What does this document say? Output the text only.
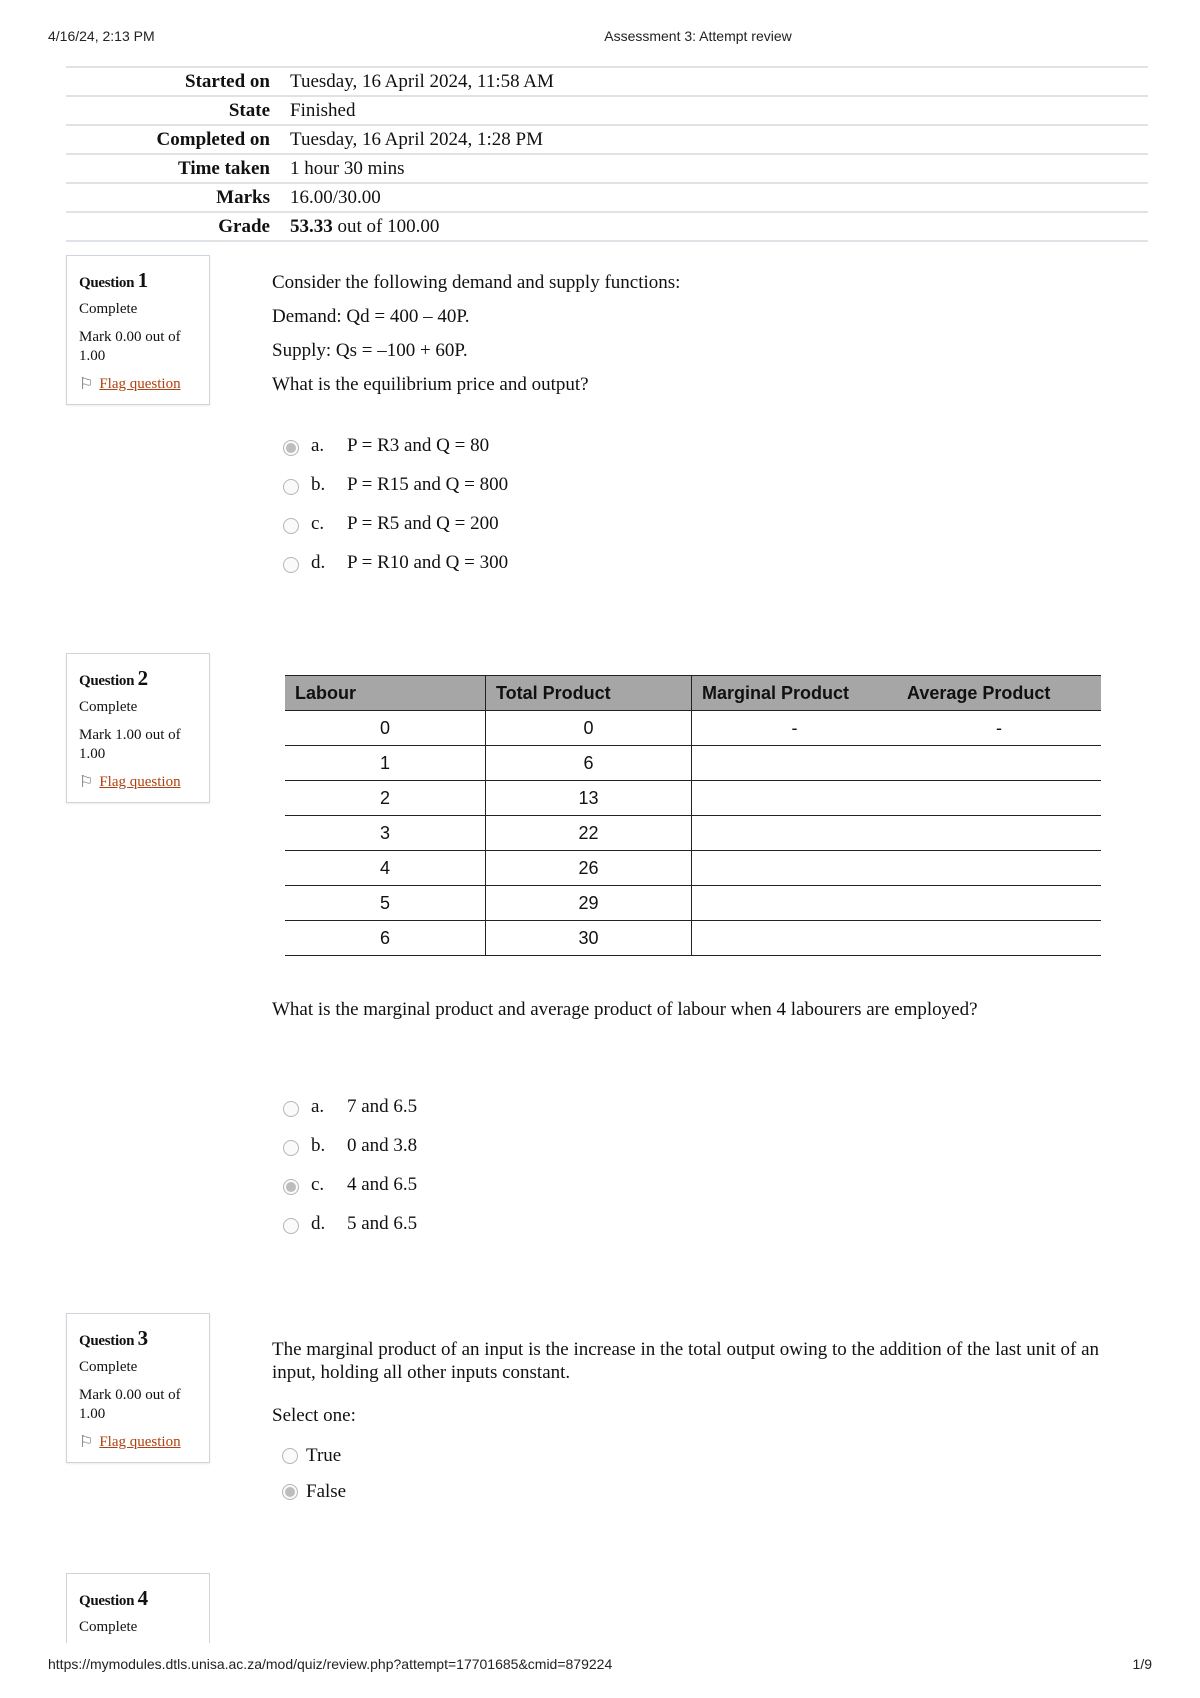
4/16/24, 2:13 PM	Assessment 3: Attempt review
Started on	Tuesday, 16 April 2024, 11:58 AM
State	Finished
Completed on	Tuesday, 16 April 2024, 1:28 PM
Time taken	1 hour 30 mins
Marks	16.00/30.00
Grade	53.33 out of 100.00
Question 1
Complete
Mark 0.00 out of 1.00
⚐ Flag question

Consider the following demand and supply functions:

Demand: Qd = 400 – 40P.

Supply: Qs = –100 + 60P.

What is the equilibrium price and output?

a.	P = R3 and Q = 80
b.	P = R15 and Q = 800
c.	P = R5 and Q = 200
d.	P = R10 and Q = 300
Question 2
Complete
Mark 1.00 out of 1.00
⚐ Flag question
Labour	Total Product	Marginal Product	Average Product
0	0	-	-
1	6		
2	13		
3	22		
4	26		
5	29		
6	30		

What is the marginal product and average product of labour when 4 labourers are employed?

a.	7 and 6.5
b.	0 and 3.8
c.	4 and 6.5
d.	5 and 6.5
Question 3
Complete
Mark 0.00 out of 1.00
⚐ Flag question

The marginal product of an input is the increase in the total output owing to the addition of the last unit of an input, holding all other inputs constant.

Select one:

True
False
Question 4
Complete
https://mymodules.dtls.unisa.ac.za/mod/quiz/review.php?attempt=17701685&cmid=879224	1/9
